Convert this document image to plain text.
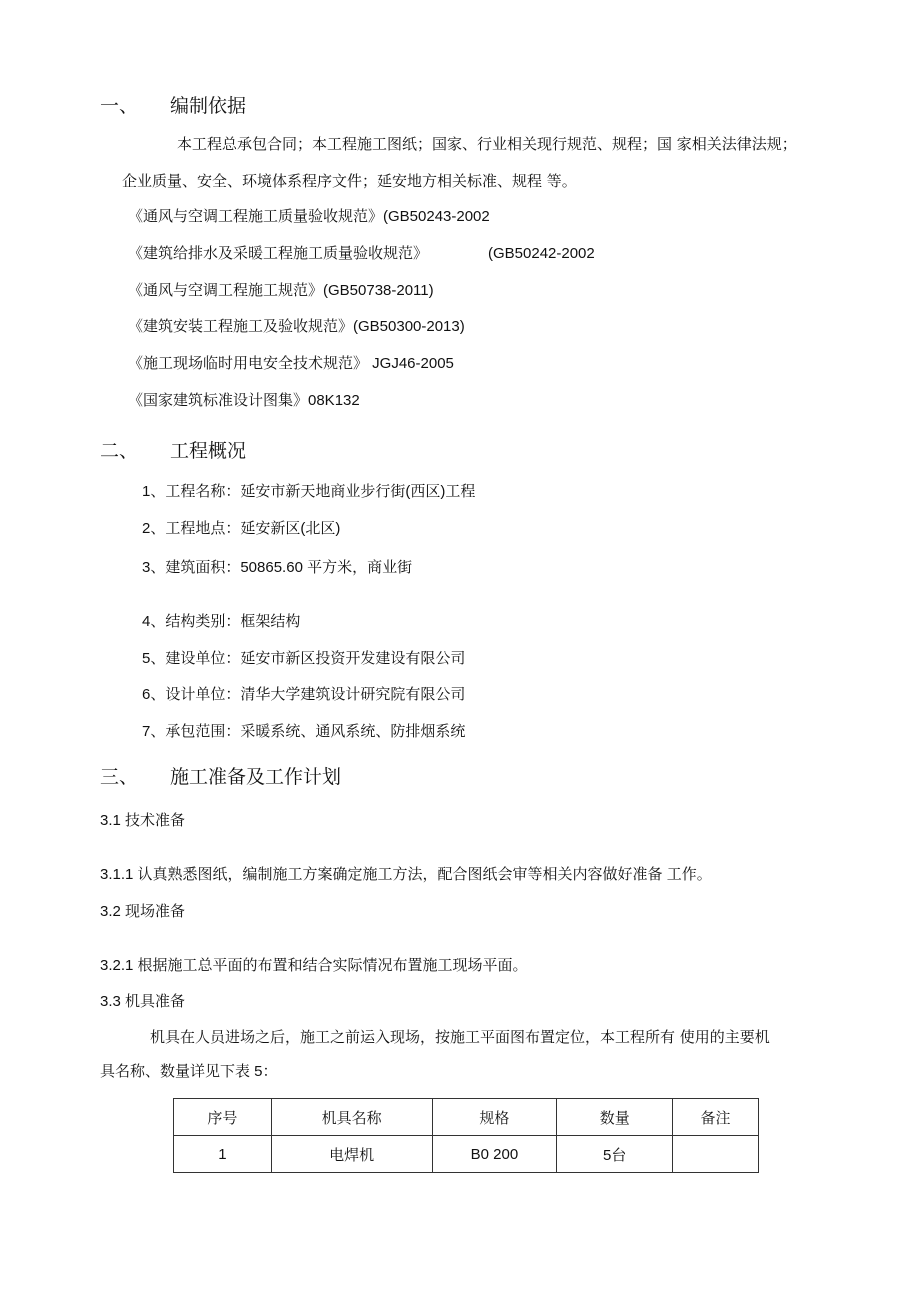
一、 编制依据
本工程总承包合同；本工程施工图纸；国家、行业相关现行规范、规程；国 家相关法律法规；
企业质量、安全、环境体系程序文件；延安地方相关标准、规程 等。
《通风与空调工程施工质量验收规范》(GB50243-2002
《建筑给排水及采暖工程施工质量验收规范》	(GB50242-2002
《通风与空调工程施工规范》(GB50738-2011)
《建筑安装工程施工及验收规范》(GB50300-2013)
《施工现场临时用电安全技术规范》 JGJ46-2005
《国家建筑标准设计图集》08K132
二、 工程概况
1、工程名称：延安市新天地商业步行街(西区)工程
2、工程地点：延安新区(北区)
3、建筑面积：50865.60 平方米，商业街
4、结构类别：框架结构
5、建设单位：延安市新区投资开发建设有限公司
6、设计单位：清华大学建筑设计研究院有限公司
7、承包范围：采暖系统、通风系统、防排烟系统
三、 施工准备及工作计划
3.1 技术准备
3.1.1 认真熟悉图纸，编制施工方案确定施工方法，配合图纸会审等相关内容做好准备 工作。
3.2 现场准备
3.2.1 根据施工总平面的布置和结合实际情况布置施工现场平面。
3.3 机具准备
机具在人员进场之后，施工之前运入现场，按施工平面图布置定位，本工程所有 使用的主要机
具名称、数量详见下表 5：
序号	机具名称	规格	数量	备注
1	电焊机	B0 200	5台	
